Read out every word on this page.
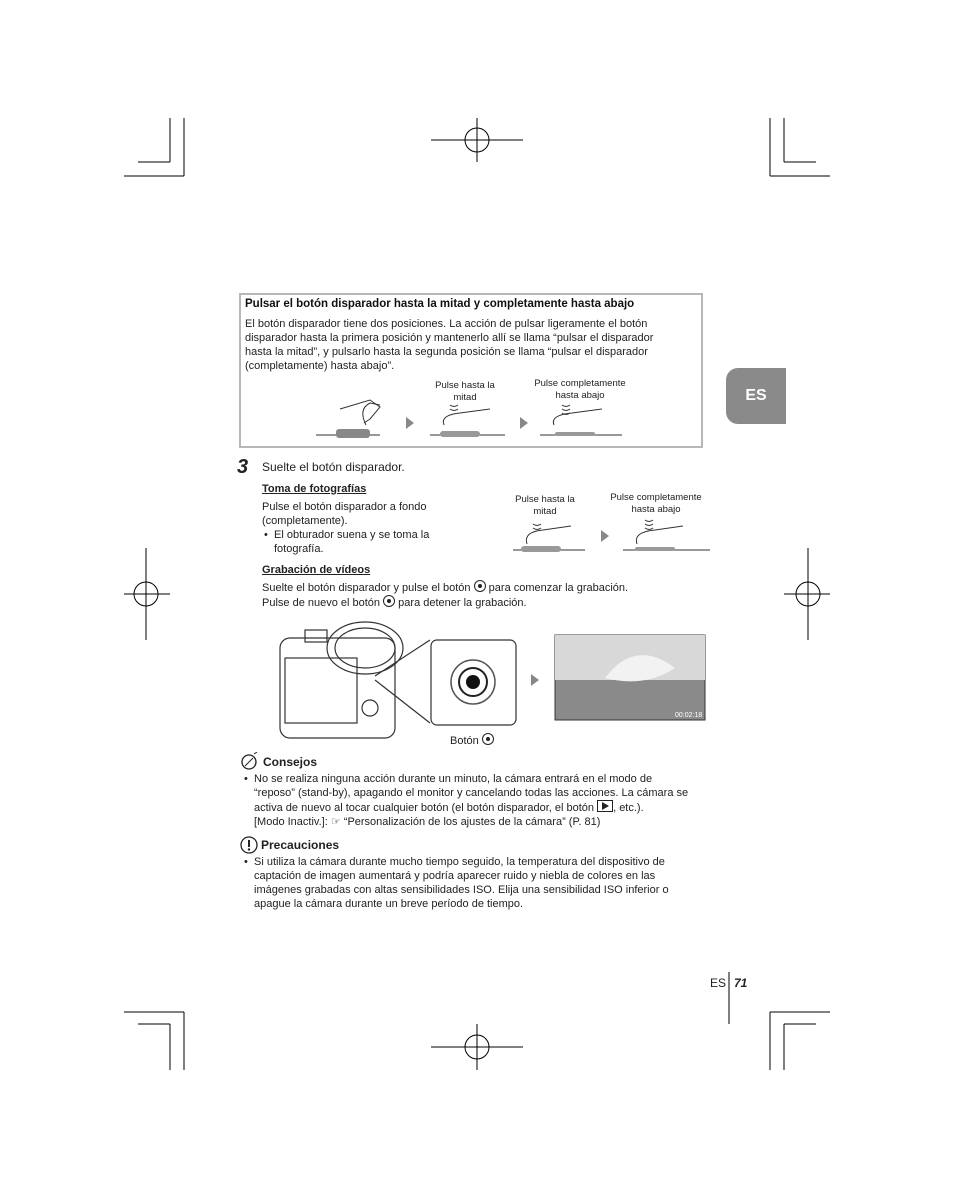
Pulsar el botón disparador hasta la mitad y completamente hasta abajo

El botón disparador tiene dos posiciones. La acción de pulsar ligeramente el botón

disparador hasta la primera posición y mantenerlo allí se llama “pulsar el disparador

hasta la mitad”, y pulsarlo hasta la segunda posición se llama “pulsar el disparador

(completamente) hasta abajo”.

Pulse hasta la
mitad
Pulse completamente
hasta abajo	ES
3 Suelte el botón disparador.
Toma de fotografías

Pulse el botón disparador a fondo

(completamente).

• El obturador suena y se toma la
fotografía.
Pulse hasta la
mitad
Pulse completamente
hasta abajo
Grabación de vídeos

Suelte el botón disparador y pulse el botón para comenzar la grabación.

Pulse de nuevo el botón para detener la grabación.

00:02:18
Botón
Consejos
• No se realiza ninguna acción durante un minuto, la cámara entrará en el modo de
“reposo” (stand-by), apagando el monitor y cancelando todas las acciones. La cámara se
activa de nuevo al tocar cualquier botón (el botón disparador, el botón , etc.).
[Modo Inactiv.]: ☞ “Personalización de los ajustes de la cámara” (P. 81)
Precauciones
• Si utiliza la cámara durante mucho tiempo seguido, la temperatura del dispositivo de
captación de imagen aumentará y podría aparecer ruido y niebla de colores en las
imágenes grabadas con altas sensibilidades ISO. Elija una sensibilidad ISO inferior o
apague la cámara durante un breve período de tiempo.
ES 71
